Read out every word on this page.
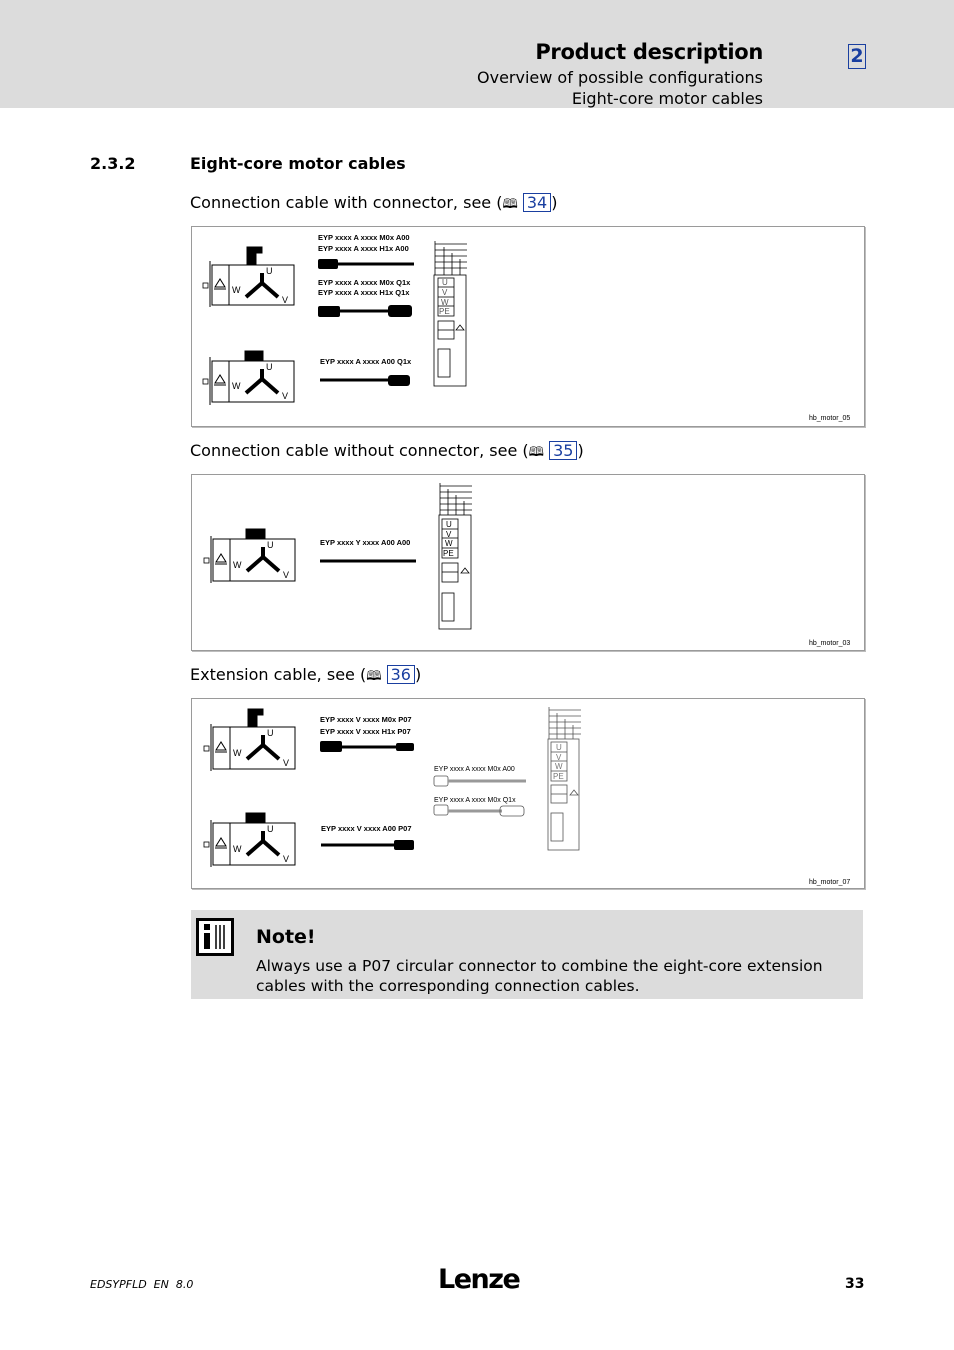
Product description
Overview of possible configurations
Eight-core motor cables
2
2.3.2	Eight-core motor cables
Connection cable with connector, see (🕮 34 )
U
W
V
U
W
V
EYP xxxx A xxxx M0x A00
EYP xxxx A xxxx H1x A00
EYP xxxx A xxxx M0x Q1x
EYP xxxx A xxxx H1x Q1x
EYP xxxx A xxxx A00 Q1x
U
V
W
PE
hb_motor_05
Connection cable without connector, see (🕮 35 )
U
W
V
EYP xxxx Y xxxx A00 A00
U
V
W
PE
hb_motor_03
Extension cable, see (🕮 36 )
U
W
V
U
W
V
EYP xxxx V xxxx M0x P07
EYP xxxx V xxxx H1x P07
EYP xxxx V xxxx A00 P07
EYP xxxx A xxxx M0x A00
EYP xxxx A xxxx M0x Q1x
U
V
W
PE
hb_motor_07
Note!
Always use a P07 circular connector to combine the eight-core extension cables with the corresponding connection cables.
EDSYPFLD  EN  8.0	Lenze	33
